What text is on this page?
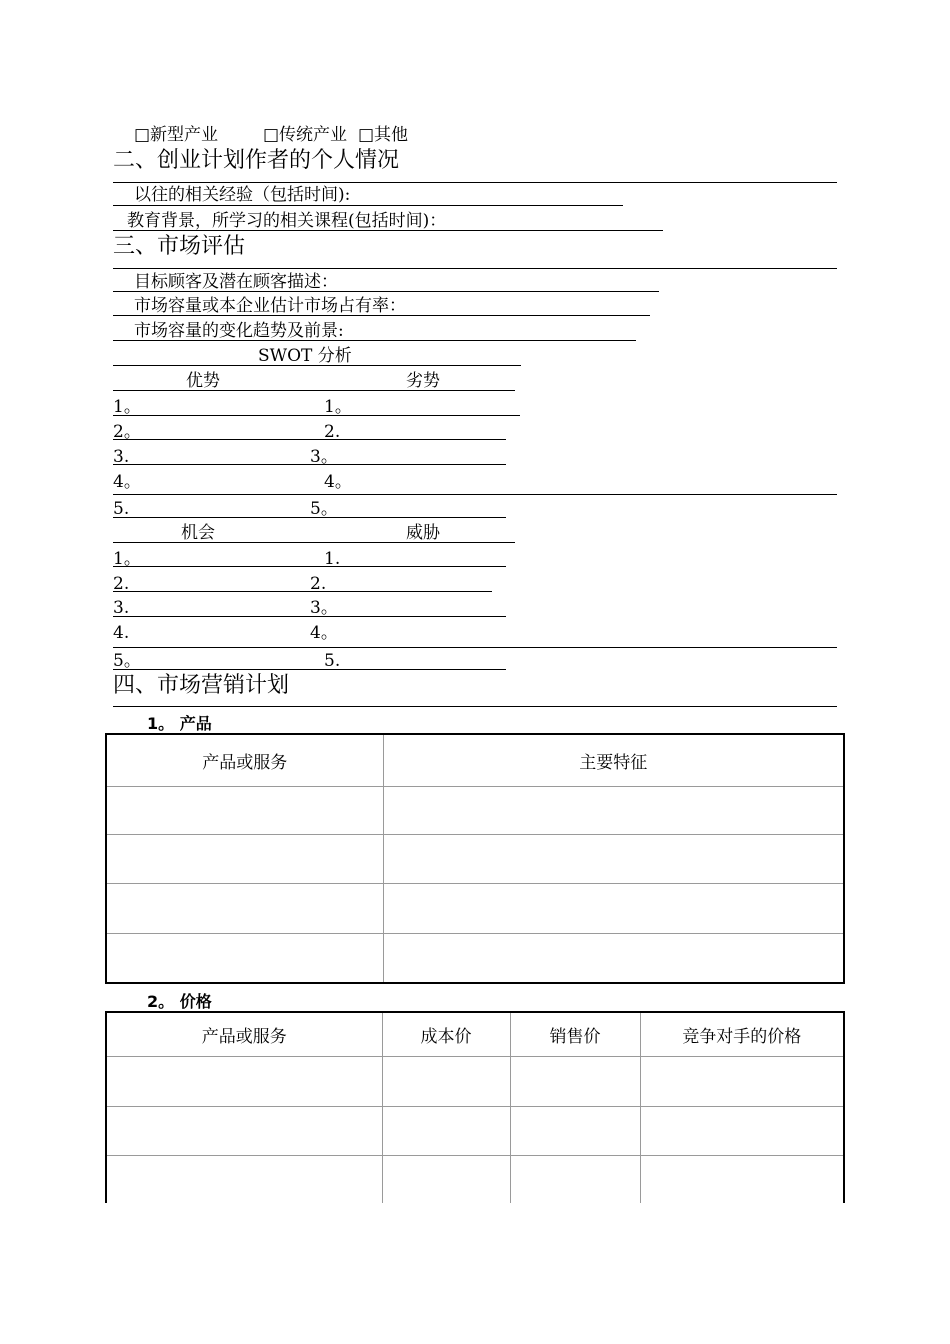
□新型产业	□传统产业 □其他
二、创业计划作者的个人情况
以往的相关经验（包括时间):
教育背景，所学习的相关课程(包括时间)：
三、市场评估
目标顾客及潜在顾客描述：
市场容量或本企业估计市场占有率：
市场容量的变化趋势及前景:
SWOT 分析
优势	劣势
1。	1。
2。	2.
3.	3。
4。	4。
5.	5。
机会	威胁
1。	1.
2.	2.
3.	3。
4.	4。
5。	5.
四、市场营销计划
1。 产品
产品或服务	主要特征

2。 价格
产品或服务	成本价	销售价	竞争对手的价格
